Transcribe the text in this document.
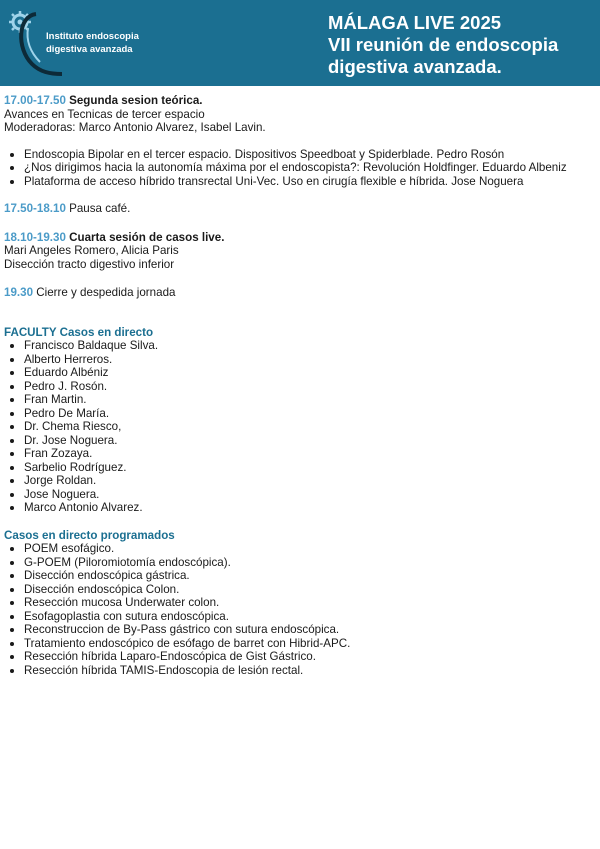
Instituto endoscopia
digestiva avanzada
MÁLAGA LIVE 2025
VII reunión de endoscopia
digestiva avanzada.

17.00-17.50 Segunda sesion teórica.

Avances en Tecnicas de tercer espacio

Moderadoras: Marco Antonio Alvarez, Isabel Lavin.

Endoscopia Bipolar en el tercer espacio. Dispositivos Speedboat y Spiderblade. Pedro Rosón
¿Nos dirigimos hacia la autonomía máxima por el endoscopista?: Revolución Holdfinger. Eduardo Albeniz
Plataforma de acceso híbrido transrectal Uni-Vec. Uso en cirugía flexible e híbrida. Jose Noguera

17.50-18.10 Pausa café.

18.10-19.30 Cuarta sesión de casos live.

Mari Angeles Romero, Alicia Paris

Disección tracto digestivo inferior

19.30 Cierre y despedida jornada

FACULTY Casos en directo

Francisco Baldaque Silva.
Alberto Herreros.
Eduardo Albéniz
Pedro J. Rosón.
Fran Martin.
Pedro De María.
Dr. Chema Riesco,
Dr. Jose Noguera.
Fran Zozaya.
Sarbelio Rodríguez.
Jorge Roldan.
Jose Noguera.
Marco Antonio Alvarez.

Casos en directo programados

POEM esofágico.
G-POEM (Piloromiotomía endoscópica).
Disección endoscópica gástrica.
Disección endoscópica Colon.
Resección mucosa Underwater colon.
Esofagoplastia con sutura endoscópica.
Reconstruccion de By-Pass gástrico con sutura endoscópica.
Tratamiento endoscópico de esófago de barret con Hibrid-APC.
Resección híbrida Laparo-Endoscópica de Gist Gástrico.
Resección híbrida TAMIS-Endoscopia de lesión rectal.
